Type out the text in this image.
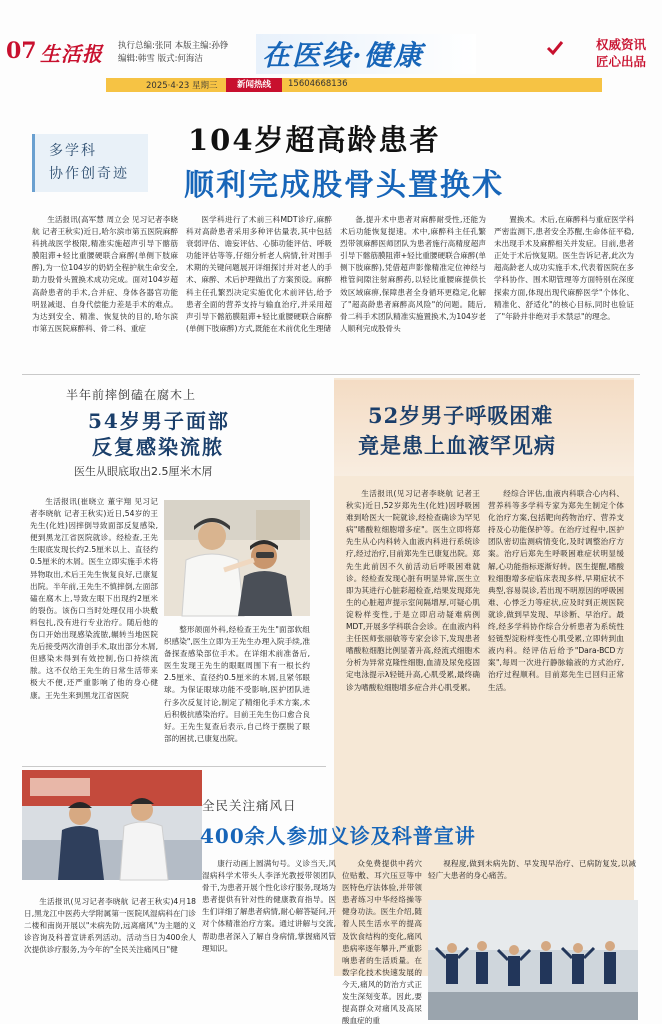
07 生活报 执行总编:张同 本版主编:孙铮
编辑:韩雪 版式:何海洁	在医线·健康	权威资讯
匠心出品
2025·4·23 星期三	新闻热线	15604668136
多学科
协作创奇迹
104岁超高龄患者
顺利完成股骨头置换术

生活报讯(高军慧 周立会 见习记者李晓航 记者王秋实)近日,哈尔滨市第五医院麻醉科挑战医学极限,精准实施超声引导下髂筋膜阻滞+轻比重腰硬联合麻醉(单侧下肢麻醉),为一位104岁的奶奶全程护航生命安全,助力股骨头置换术成功完成。面对104岁超高龄患者的手术,合并症、身体各器官功能明显减退、自身代偿能力差是手术的难点。为达到安全、精准、恢复快的目的,哈尔滨市第五医院麻醉科、骨二科、重症

医学科进行了术前三科MDT诊疗,麻醉科对高龄患者采用多种评估量表,其中包括衰弱评估、谵妄评估、心肺功能评估、呼吸功能评估等等,仔细分析老人病情,针对围手术期的关键问题展开详细探讨并对老人的手术、麻醉、术后护理做出了方案预设。麻醉科主任孔繁烈决定实施优化术前评估,给予患者全面的营养支持与输血治疗,并采用超声引导下髂筋膜阻滞+轻比重腰硬联合麻醉(单侧下肢麻醉)方式,既能在术前优化生理储

备,提升术中患者对麻醉耐受性,还能为术后功能恢复提速。术中,麻醉科主任孔繁烈带领麻醉医师团队为患者施行高精度超声引导下髂筋膜阻滞+轻比重腰硬联合麻醉(单侧下肢麻醉),凭借超声影像精准定位神经与椎管间隙注射麻醉药,以轻比重腰麻提供长效区域麻痹,保障患者全身循环更稳定,化解了"超高龄患者麻醉高风险"的问题。随后,骨二科手术团队精准实施置换术,为104岁老人顺利完成股骨头

置换术。术后,在麻醉科与重症医学科严密监测下,患者安全苏醒,生命体征平稳,未出现手术及麻醉相关并发症。目前,患者正处于术后恢复期。医生告诉记者,此次为超高龄老人成功实施手术,代表着医院在多学科协作、围术期管理等方面特别在深度探索方面,体现出现代麻醉医学"个体化、精准化、舒适化"的核心目标,同时也验证了"年龄并非绝对手术禁忌"的理念。

半年前摔倒磕在腐木上
54岁男子面部
反复感染流脓
医生从眼底取出2.5厘米木屑

生活报讯(崔晓立 董宇翔 见习记者李晓航 记者王秋实)近日,54岁的王先生(化姓)因摔倒导致面部反复感染,便到黑龙江省医院就诊。经检查,王先生眼底发现长约2.5厘米以上、直径约0.5厘米的木屑。医生立即实施手术将异物取出,术后王先生恢复良好,已康复出院。半年前,王先生不慎摔倒,左面部磕在腐木上,导致左眼下出现约2厘米的裂伤。该伤口当时处理仅用小块敷料包扎,没有进行专业治疗。随后他的伤口开始出现感染流脓,辗转当地医院先后接受两次清创手术,取出部分木屑,但感染未得到有效控制,伤口持续流脓。这不仅给王先生的日常生活带来极大不便,还严重影响了他的身心健康。王先生来到黑龙江省医院

整形颌面外科,经检查王先生"面部软组织感染",医生立即为王先生办理入院手续,准备探查感染部位手术。在详细术前准备后,医生发现王先生的眼眶周围下有一根长约2.5厘米、直径约0.5厘米的木屑,且紧邻眼球。为保证眼球功能不受影响,医护团队进行多次反复讨论,制定了精细化手术方案,术后积极抗感染治疗。目前王先生伤口愈合良好。王先生复查后表示,自己终于摆脱了眼部的困扰,已康复出院。

52岁男子呼吸困难
竟是患上血液罕见病

生活报讯(见习记者李晓航 记者王秋实)近日,52岁郑先生(化姓)因呼吸困难到哈医大一院就诊,经检查确诊为罕见病"嗜酸粒细胞增多症"。医生立即将郑先生从心内科转入血液内科进行系统诊疗,经过治疗,目前郑先生已康复出院。郑先生此前因不久前活动后呼吸困难就诊。经检查发现心脏有明显异常,医生立即为其进行心脏彩超检查,结果发现郑先生的心脏超声提示室间隔增厚,可疑心肌淀粉样变性,于是立即启动疑难病例MDT,开展多学科联合会诊。在血液内科主任医师张丽敏等专家会诊下,发现患者嗜酸粒细胞比例显著升高,经流式细胞术分析为异常克隆性细胞,血清及尿免疫固定电泳提示λ轻链升高,心肌受累,最终确诊为嗜酸粒细胞增多症合并心肌受累。

经综合评估,血液内科联合心内科、营养科等多学科专家为郑先生制定个体化治疗方案,包括靶向药物治疗、营养支持及心功能保护等。在治疗过程中,医护团队密切监测病情变化,及时调整治疗方案。治疗后郑先生呼吸困难症状明显缓解,心功能指标逐渐好转。医生提醒,嗜酸粒细胞增多症临床表现多样,早期症状不典型,容易误诊,若出现不明原因的呼吸困难、心悸乏力等症状,应及时到正规医院就诊,做到早发现、早诊断、早治疗。最终,经多学科协作综合分析患者为系统性轻链型淀粉样变性心肌受累,立即转到血液内科。经评估后给予"Dara-BCD方案",每周一次进行静脉输液的方式治疗,治疗过程顺利。目前郑先生已回归正常生活。

全民关注痛风日
400余人参加义诊及科普宣讲

生活报讯(见习记者李晓航 记者王秋实)4月18日,黑龙江中医药大学附属第一医院风湿病科在门诊二楼和南岗开展以"未病先防,远离痛风"为主题的义诊咨询及科普宣讲系列活动。活动当日为400余人次提供诊疗服务,为今年的"全民关注痛风日"健

康行动画上圆满句号。义诊当天,风湿病科学术带头人李泽光教授带领团队骨干,为患者开展个性化诊疗服务,现场为患者提供有针对性的健康教育指导。医生们详细了解患者病情,耐心解答疑问,开对个体精准治疗方案。通过讲解与交流,帮助患者深入了解自身病情,掌握痛风管理知识。

众免费提供中药穴位贴敷、耳穴压豆等中医特色疗法体验,并带领患者练习中华经络操等健身功法。医生介绍,随着人民生活水平的提高及饮食结构的变化,痛风患病率逐年攀升,严重影响患者的生活质量。在数字化技术快速发展的今天,痛风的防治方式正发生深刻变革。因此,要提高群众对痛风及高尿酸血症的重

视程度,做到未病先防、早发现早治疗、已病防复发,以减轻广大患者的身心痛苦。
